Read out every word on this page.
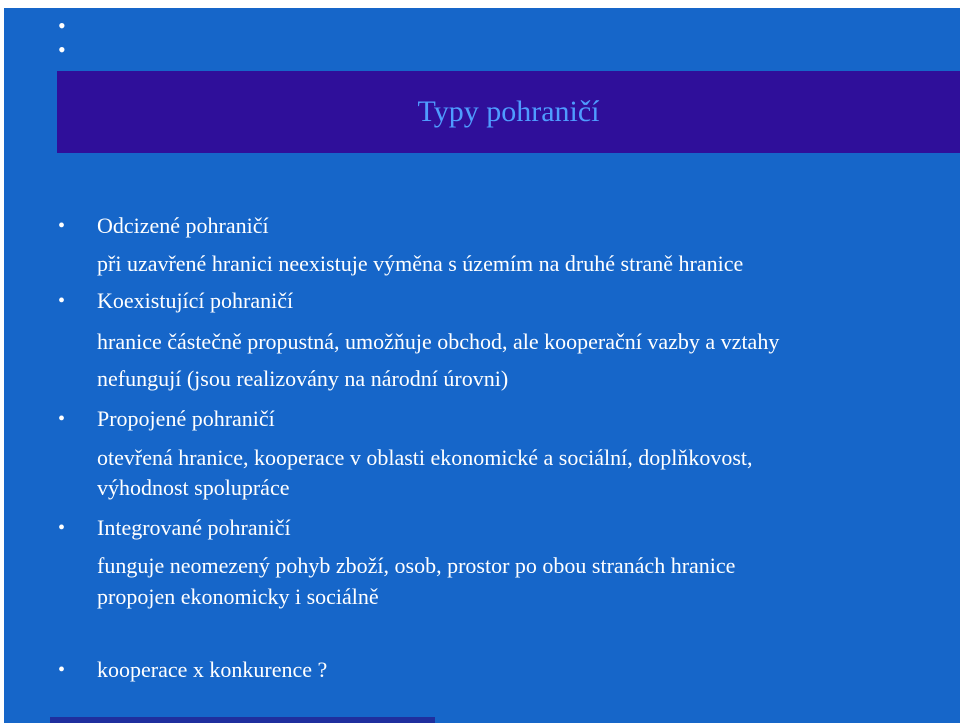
•
•
Typy pohraničí
• Odcizené pohraničí
při uzavřené hranici neexistuje výměna s územím na druhé straně hranice
• Koexistující pohraničí
hranice částečně propustná, umožňuje obchod, ale kooperační vazby a vztahy
nefungují (jsou realizovány na národní úrovni)
• Propojené pohraničí
otevřená hranice, kooperace v oblasti ekonomické a sociální, doplňkovost,
výhodnost spolupráce
• Integrované pohraničí
funguje neomezený pohyb zboží, osob, prostor po obou stranách hranice
propojen ekonomicky i sociálně
• kooperace x konkurence ?
